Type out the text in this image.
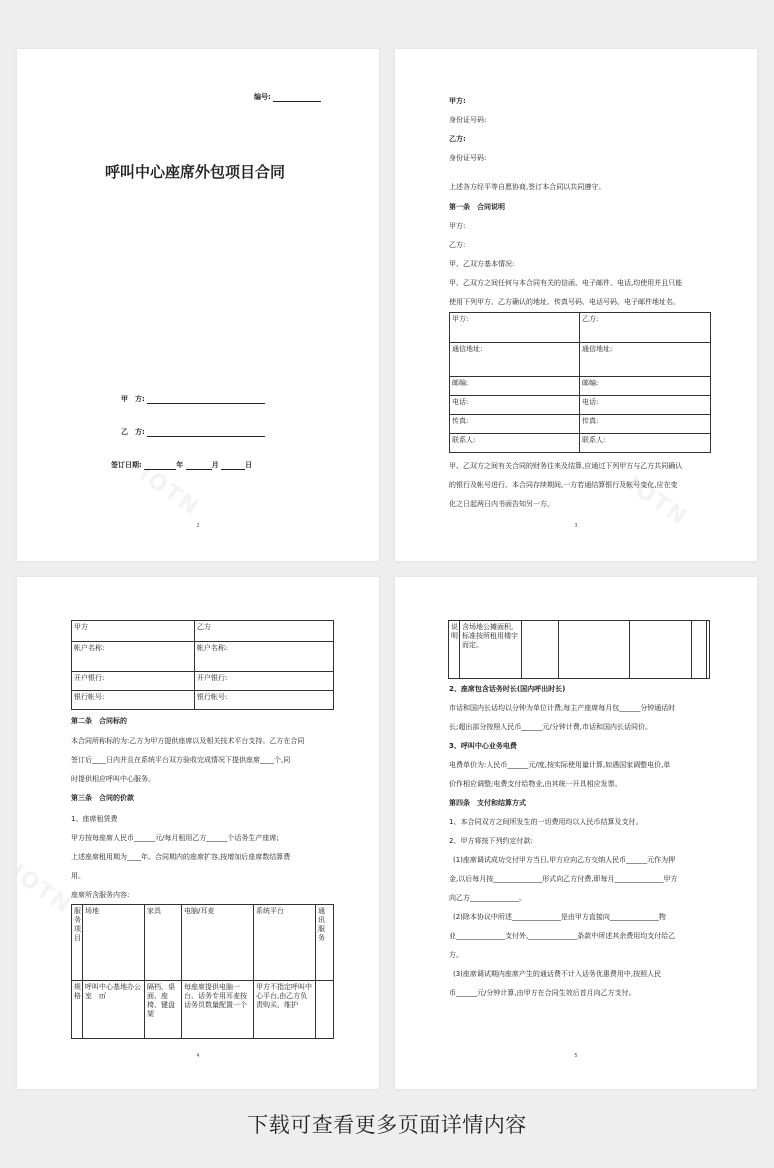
编号:
呼叫中心座席外包项目合同
甲　方:
乙　方:
签订日期:	年	月	日
2
甲方:
身份证号码:
乙方:
身份证号码:
上述各方经平等自愿协商,签订本合同以共同遵守。
第一条　合同说明
甲方:
乙方:
甲、乙双方基本情况:
甲、乙双方之间任何与本合同有关的信函、电子邮件、电话,均使用并且只能
使用下列甲方、乙方确认的地址、传真号码、电话号码、电子邮件地址名。
甲方:	乙方:
通信地址:	通信地址:
邮编:	邮编:
电话:	电话:
传真:	传真:
联系人:	联系人:
甲、乙双方之间有关合同的财务往来及结算,应通过下列甲方与乙方共同确认
的银行及帐号进行。本合同存续期间,一方若通结算银行及帐号变化,应在变
化之日起两日内书面告知另一方。
3
甲方	乙方
帐户名称:	帐户名称:
开户银行:	开户银行:
银行帐号:	银行帐号:
第二条　合同标的
本合同所称标的为:乙方为甲方提供座席以及相关技术平台支持。乙方在合同
签订后____日内并且在系统平台双方验收完成情况下提供座席____个,同
时提供相应呼叫中心服务。
第三条　合同的价款
1、座席租赁费
甲方按每座席人民币______元/每月租用乙方______个话务生产座席;
上述座席租用期为____年。合同期内的座席扩容,按增加后座席数结算费
用。
座席所含服务内容:
服务项目	场地	家具	电脑/耳麦	系统平台	通讯服务
规格	呼叫中心基地办公室　㎡	隔档、桌面、座椅、键盘架	每座席提供电脑一台、话务专用耳麦按话务员数量配置一个	甲方不指定呼叫中心平台,由乙方负责购买、维护	
4
说明	含场地公摊面积,标准按所租用楼宇而定。					
2、座席包含话务时长(国内呼出时长)
市话和国内长话均以分钟为单位计费,每主产座席每月包______分钟通话时
长;超出部分按照人民币______元/分钟计费,市话和国内长话同价。
3、呼叫中心业务电费
电费单价为:人民币______元/度,按实际使用量计算,如遇国家调整电价,单
价作相应调整;电费支付给物业,由其统一开具相应发票。
第四条　支付和结算方式
1、本合同双方之间所发生的一切费用均以人民币结算及支付。
2、甲方将按下列约定付款:
(1)座席调试成功交付甲方当日,甲方应向乙方交纳人民币______元作为押
金,以后每月按______________形式向乙方付费,即每月______________甲方
向乙方______________。
(2)除本协议中所述______________是由甲方直接向______________物
业______________支付外,______________条款中所述其余费用均支付给乙
方。
(3)座席调试期内座席产生的通话费不计入话务优惠费用中,按照人民
币______元/分钟计算,由甲方在合同生效后首月向乙方支付。
5
下载可查看更多页面详情内容
